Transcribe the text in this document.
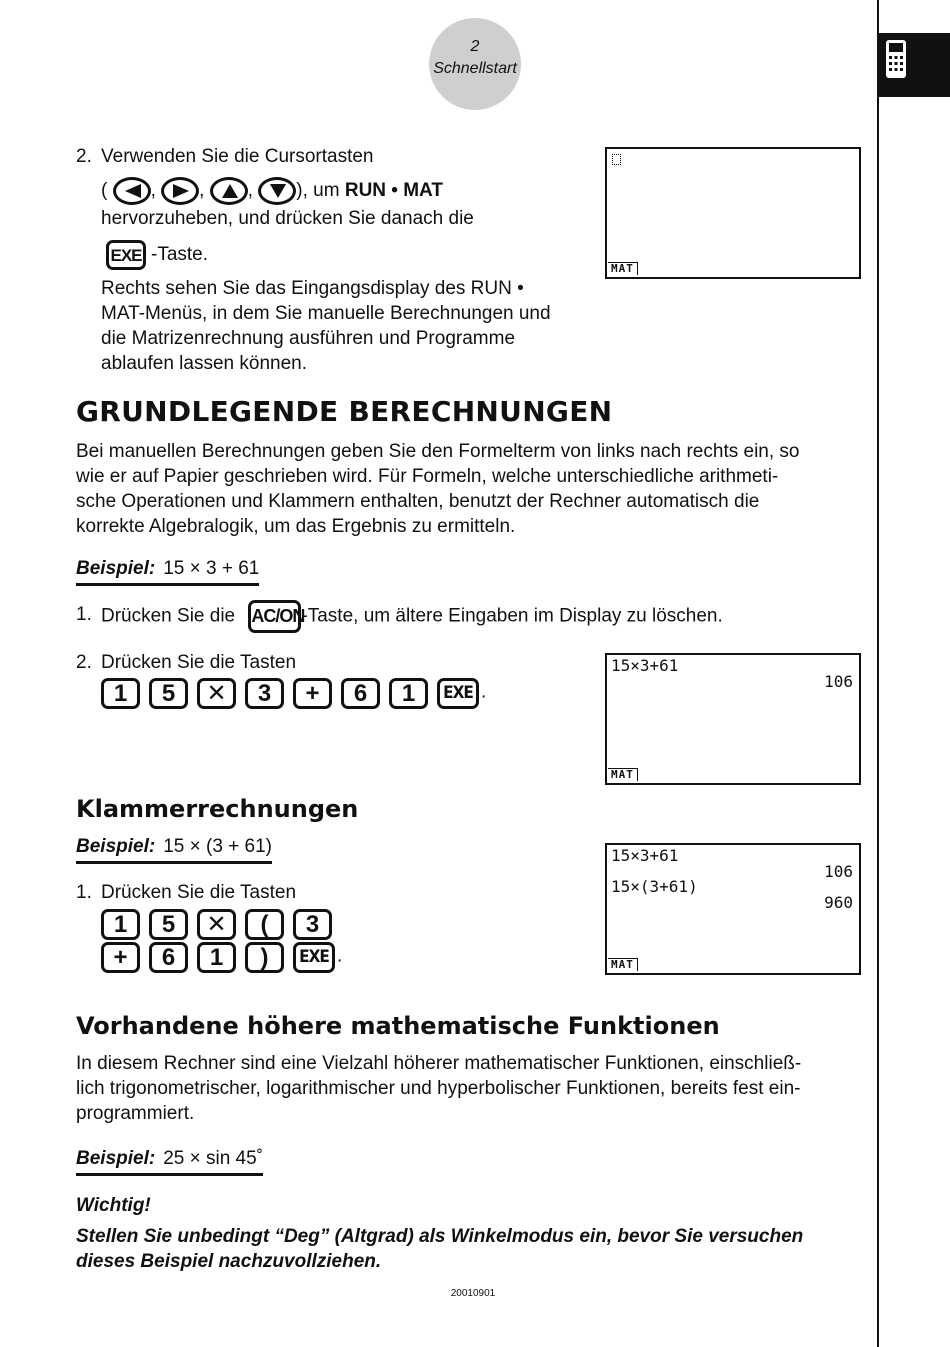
2
Schnellstart
2. Verwenden Sie die Cursortasten
( , , , ), um RUN • MAT
hervorzuheben, und drücken Sie danach die
EXE -Taste.
Rechts sehen Sie das Eingangsdisplay des RUN •
MAT-Menüs, in dem Sie manuelle Berechnungen und
die Matrizenrechnung ausführen und Programme
ablaufen lassen können.
MAT
GRUNDLEGENDE BERECHNUNGEN
Bei manuellen Berechnungen geben Sie den Formelterm von links nach rechts ein, so
wie er auf Papier geschrieben wird. Für Formeln, welche unterschiedliche arithmeti-
sche Operationen und Klammern enthalten, benutzt der Rechner automatisch die
korrekte Algebralogik, um das Ergebnis zu ermitteln.
Beispiel: 15 × 3 + 61
1. Drücken Sie die AC/ON-Taste, um ältere Eingaben im Display zu löschen.
2. Drücken Sie die Tasten
1 5 ✕ 3 + 6 1 EXE .
15×3+61
106
MAT
Klammerrechnungen
Beispiel: 15 × (3 + 61)
1. Drücken Sie die Tasten
1 5 ✕ ( 3
+ 6 1 ) EXE .
15×3+61
106
15×(3+61)
960
MAT
Vorhandene höhere mathematische Funktionen
In diesem Rechner sind eine Vielzahl höherer mathematischer Funktionen, einschließ-
lich trigonometrischer, logarithmischer und hyperbolischer Funktionen, bereits fest ein-
programmiert.
Beispiel: 25 × sin 45˚
Wichtig!
Stellen Sie unbedingt “Deg” (Altgrad) als Winkelmodus ein, bevor Sie versuchen
dieses Beispiel nachzuvollziehen.
20010901
